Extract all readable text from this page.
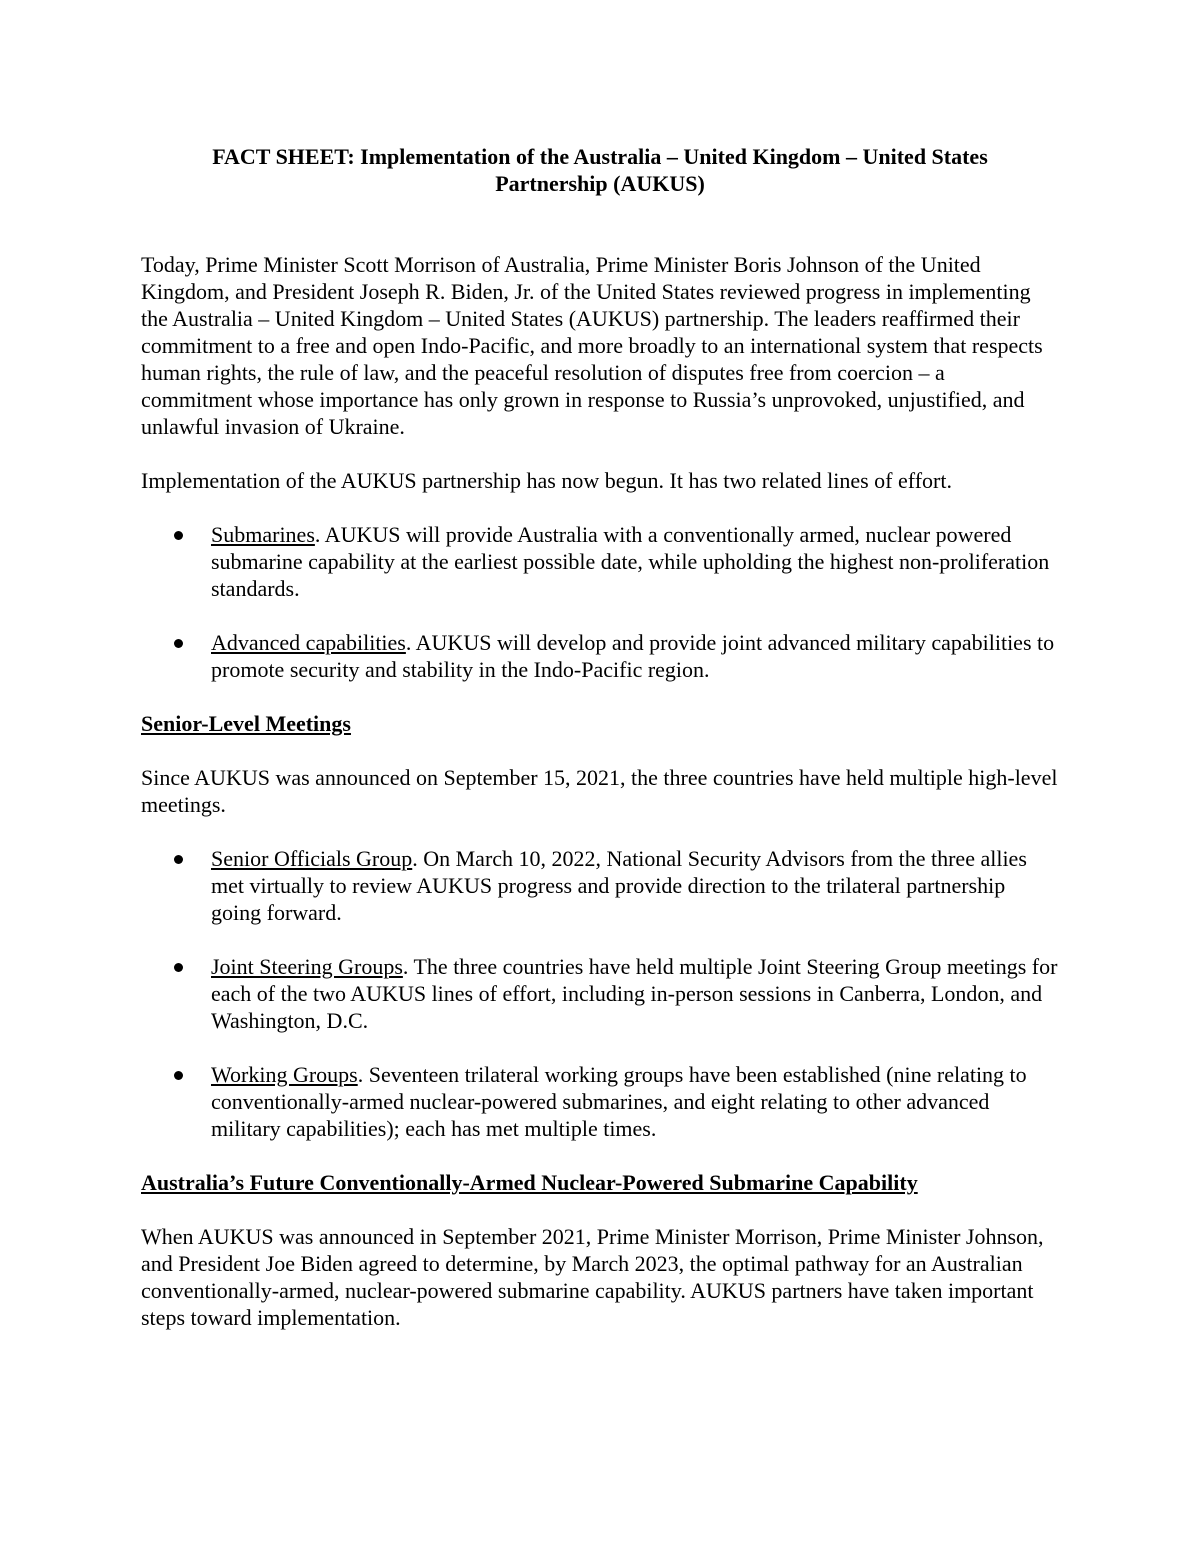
FACT SHEET: Implementation of the Australia – United Kingdom – United States
Partnership (AUKUS)

Today, Prime Minister Scott Morrison of Australia, Prime Minister Boris Johnson of the United Kingdom, and President Joseph R. Biden, Jr. of the United States reviewed progress in implementing the Australia – United Kingdom – United States (AUKUS) partnership. The leaders reaffirmed their commitment to a free and open Indo-Pacific, and more broadly to an international system that respects human rights, the rule of law, and the peaceful resolution of disputes free from coercion – a commitment whose importance has only grown in response to Russia’s unprovoked, unjustified, and unlawful invasion of Ukraine.

Implementation of the AUKUS partnership has now begun. It has two related lines of effort.

Submarines. AUKUS will provide Australia with a conventionally armed, nuclear powered submarine capability at the earliest possible date, while upholding the highest non-proliferation standards.
Advanced capabilities. AUKUS will develop and provide joint advanced military capabilities to promote security and stability in the Indo-Pacific region.
Senior-Level Meetings

Since AUKUS was announced on September 15, 2021, the three countries have held multiple high-level meetings.

Senior Officials Group. On March 10, 2022, National Security Advisors from the three allies met virtually to review AUKUS progress and provide direction to the trilateral partnership going forward.
Joint Steering Groups. The three countries have held multiple Joint Steering Group meetings for each of the two AUKUS lines of effort, including in-person sessions in Canberra, London, and Washington, D.C.
Working Groups. Seventeen trilateral working groups have been established (nine relating to conventionally-armed nuclear-powered submarines, and eight relating to other advanced military capabilities); each has met multiple times.
Australia’s Future Conventionally-Armed Nuclear-Powered Submarine Capability

When AUKUS was announced in September 2021, Prime Minister Morrison, Prime Minister Johnson, and President Joe Biden agreed to determine, by March 2023, the optimal pathway for an Australian conventionally-armed, nuclear-powered submarine capability. AUKUS partners have taken important steps toward implementation.
